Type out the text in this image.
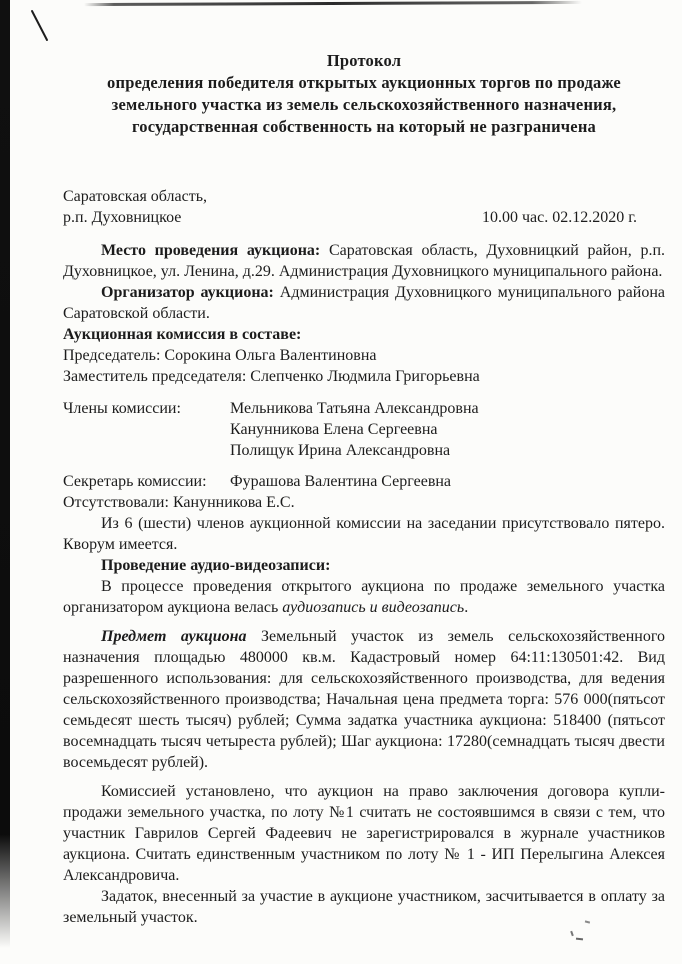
Протокол
определения победителя открытых аукционных торгов по продаже земельного участка из земель сельскохозяйственного назначения, государственная собственность на который не разграничена
Саратовская область,
р.п. Духовницкое	10.00 час. 02.12.2020 г.

Место проведения аукциона: Саратовская область, Духовницкий район, р.п. Духовницкое, ул. Ленина, д.29. Администрация Духовницкого муниципального района.

Организатор аукциона: Администрация Духовницкого муниципального района Саратовской области.

Аукционная комиссия в составе:

Председатель: Сорокина Ольга Валентиновна

Заместитель председателя: Слепченко Людмила Григорьевна

Члены комиссии:	Мельникова Татьяна Александровна
Канунникова Елена Сергеевна
Полищук Ирина Александровна
Секретарь комиссии:	Фурашова Валентина Сергеевна

Отсутствовали: Канунникова Е.С.

Из 6 (шести) членов аукционной комиссии на заседании присутствовало пятеро. Кворум имеется.

Проведение аудио-видеозаписи:

В процессе проведения открытого аукциона по продаже земельного участка организатором аукциона велась аудиозапись и видеозапись.

Предмет аукциона Земельный участок из земель сельскохозяйственного назначения площадью 480000 кв.м. Кадастровый номер 64:11:130501:42. Вид разрешенного использования: для сельскохозяйственного производства, для ведения сельскохозяйственного производства; Начальная цена предмета торга: 576 000(пятьсот семьдесят шесть тысяч) рублей; Сумма задатка участника аукциона: 518400 (пятьсот восемнадцать тысяч четыреста рублей); Шаг аукциона: 17280(семнадцать тысяч двести восемьдесят рублей).

Комиссией установлено, что аукцион на право заключения договора купли-продажи земельного участка, по лоту №1 считать не состоявшимся в связи с тем, что участник Гаврилов Сергей Фадеевич не зарегистрировался в журнале участников аукциона. Считать единственным участником по лоту № 1 - ИП Перелыгина Алексея Александровича.

Задаток, внесенный за участие в аукционе участником, засчитывается в оплату за земельный участок.
